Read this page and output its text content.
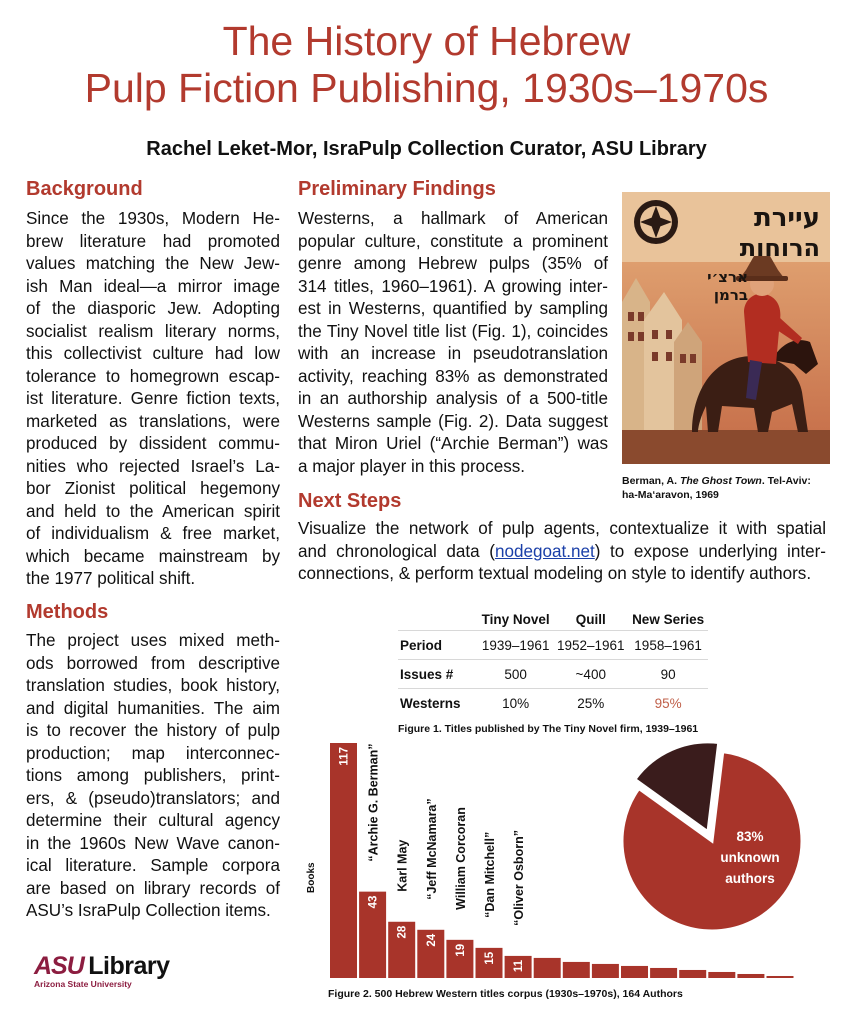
The History of Hebrew
Pulp Fiction Publishing, 1930s–1970s
Rachel Leket-Mor, IsraPulp Collection Curator, ASU Library
Background
Since the 1930s, Modern He-
brew literature had promoted
values matching the New Jew-
ish Man ideal—a mirror image
of the diasporic Jew. Adopting
socialist realism literary norms,
this collectivist culture had low
tolerance to homegrown escap-
ist literature. Genre fiction texts,
marketed as translations, were
produced by dissident commu-
nities who rejected Israel’s La-
bor Zionist political hegemony
and held to the American spirit
of individualism & free market,
which became mainstream by
the 1977 political shift.
Preliminary Findings
Westerns, a hallmark of American
popular culture, constitute a prominent
genre among Hebrew pulps (35% of
314 titles, 1960–1961). A growing inter-
est in Westerns, quantified by sampling
the Tiny Novel title list (Fig. 1), coincides
with an increase in pseudotranslation
activity, reaching 83% as demonstrated
in an authorship analysis of a 500-title
Westerns sample (Fig. 2). Data suggest
that Miron Uriel (“Archie Berman”) was
a major player in this process.
עיירת
הרוחות
ארצ׳י
ברמן
Berman, A. The Ghost Town. Tel-Aviv:
ha-Ma‘aravon, 1969
Next Steps
Visualize the network of pulp agents, contextualize it with spatial
and chronological data (nodegoat.net) to expose underlying inter-
connections, & perform textual modeling on style to identify authors.
Methods
The project uses mixed meth-
ods borrowed from descriptive
translation studies, book history,
and digital humanities. The aim
is to recover the history of pulp
production; map interconnec-
tions among publishers, print-
ers, & (pseudo)translators; and
determine their cultural agency
in the 1960s New Wave canon-
ical literature. Sample corpora
are based on library records of
ASU’s IsraPulp Collection items.
	Tiny Novel	Quill	New Series
Period	1939–1961	1952–1961	1958–1961
Issues #	500	~400	90
Westerns	10%	25%	95%
Figure 1. Titles published by The Tiny Novel firm, 1939–1961
Books
117
“Art Balmer”
43
“Archie G. Berman”
28
Karl May
24
“Jeff McNamara”
19
William Corcoran
15
“Dan Mitchell”
11
“Oliver Osborn”	83%
unknown
authors
Figure 2. 500 Hebrew Western titles corpus (1930s–1970s), 164 Authors
ASU Library
Arizona State University
